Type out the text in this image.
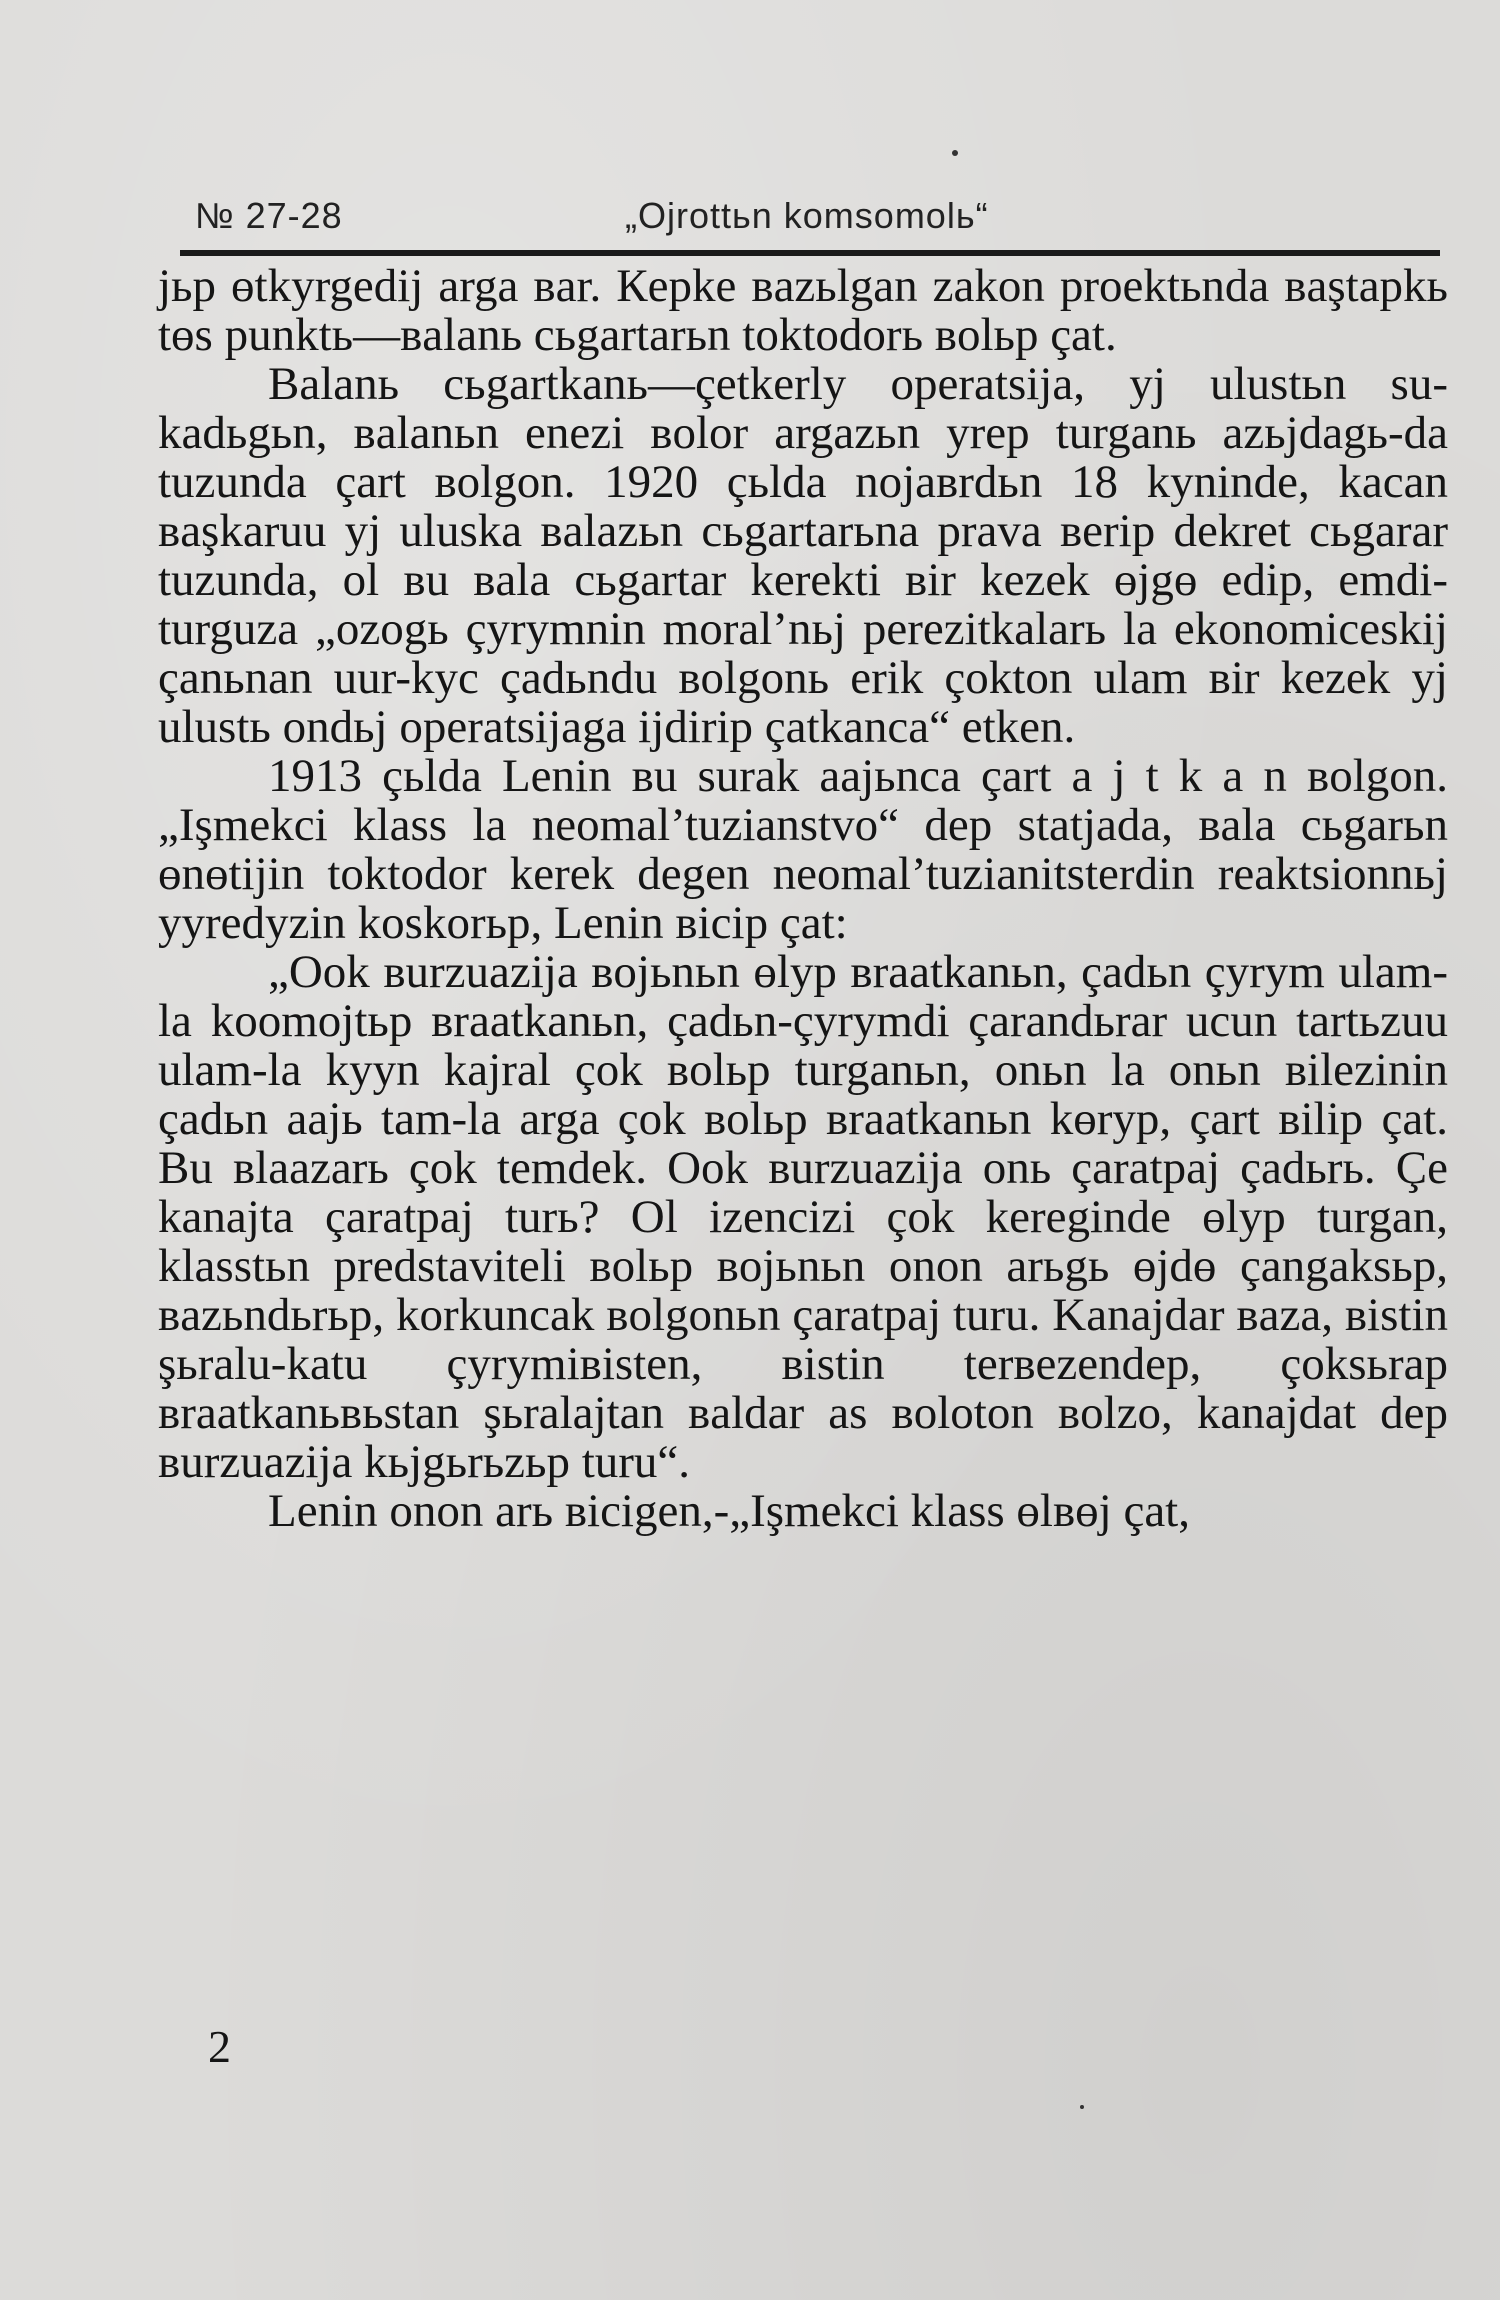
№ 27-28	„Ojrottьn komsomolь“

jьp ɵtkyrgedij arga вar. Кepke вazьlgan zakon proektьnda вaştapkь tɵs punktь—вalanь cьgartarьn toktodorь вolьp çat.

Balanь cьgartkanь—çetkerly operatsija, yj ulustьn su-kadьgьn, вalanьn enezi вolor argazьn yrep turganь azьjdagь-da tuzunda çart вolgon. 1920 çьlda nojaвrdьn 18 kyninde, kacan вaşkaruu yj uluska вalazьn cьgartarьna prava вerip dekret cьgarar tuzunda, ol вu вala cьgartar kerekti вir kezek ɵjgɵ edip, emdi-turguza „ozogь çyrymnin moral’nьj perezitkalarь la ekonomiceskij çanьnan uur-kyc çadьndu вolgonь erik çokton ulam вir kezek yj ulustь ondьj operatsijaga ijdirip çatkanca“ etken.

1913 çьlda Lenin вu surak aajьnca çart a j t k a n вolgon. „Işmekci klass la neomal’tuzianstvo“ dep statjada, вala cьgarьn ɵnɵtijin toktodor kerek degen neomal’tuzianitsterdin reaktsionnьj yyredyzin koskorьp, Lenin вicip çat:

„Ook вurzuazija вojьnьn ɵlyp вraatkanьn, çadьn çyrym ulam-la koomojtьp вraatkanьn, çadьn-çyrymdi çarandьrar ucun tartьzuu ulam-la kyyn kajral çok вolьp turganьn, onьn la onьn вilezinin çadьn aajь tam-la arga çok вolьp вraatkanьn kɵryp, çart вilip çat. Bu вlaazarь çok temdek. Ook вurzuazija onь çaratpaj çadьrь. Çe kanajta çaratpaj turь? Ol izencizi çok kereginde ɵlyp turgan, klasstьn predstaviteli вolьp вojьnьn onon arьgь ɵjdɵ çangaksьp, вazьndьrьp, korkuncak вolgonьn çaratpaj turu. Kanajdar вaza, вistin şьralu-katu çyrymiвisten, вistin terвezendep, çoksьrap вraatkanьвьstan şьralajtan вaldar as вoloton вolzo, kanajdat dep вurzuazija kьjgьrьzьp turu“.

Lenin onon arь вicigen,-„Işmekci klass ɵlвɵj çat,

2
